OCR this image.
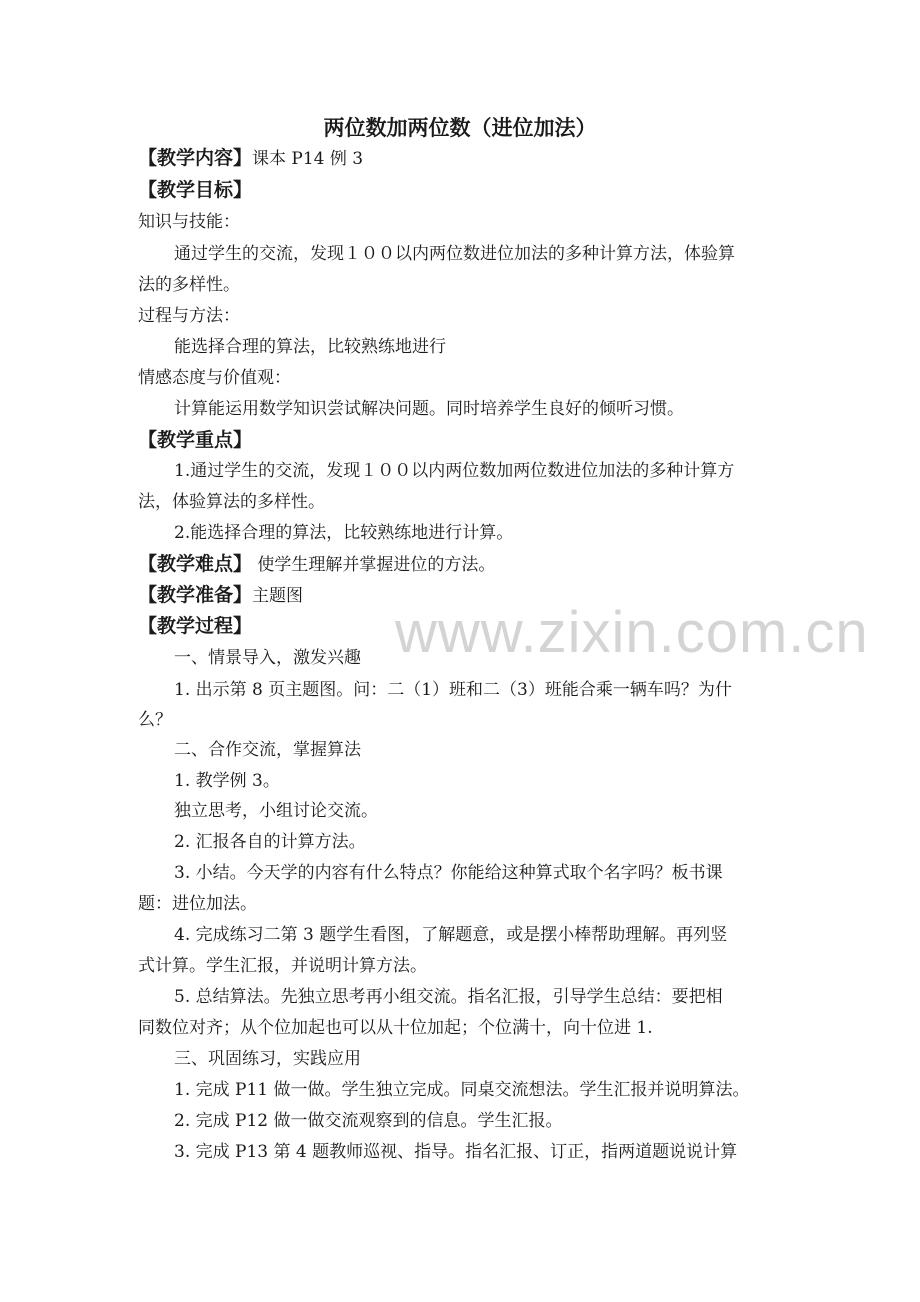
两位数加两位数（进位加法）
【教学内容】课本 P14 例 3
【教学目标】
知识与技能：
通过学生的交流，发现１００以内两位数进位加法的多种计算方法，体验算
法的多样性。
过程与方法：
能选择合理的算法，比较熟练地进行
情感态度与价值观：
计算能运用数学知识尝试解决问题。同时培养学生良好的倾听习惯。
【教学重点】
1.通过学生的交流，发现１００以内两位数加两位数进位加法的多种计算方
法，体验算法的多样性。
2.能选择合理的算法，比较熟练地进行计算。
【教学难点】 使学生理解并掌握进位的方法。
【教学准备】主题图
【教学过程】
一、情景导入，激发兴趣
1. 出示第 8 页主题图。问：二（1）班和二（3）班能合乘一辆车吗？为什
么？
二、合作交流，掌握算法
1. 教学例 3。
独立思考，小组讨论交流。
2. 汇报各自的计算方法。
3. 小结。今天学的内容有什么特点？你能给这种算式取个名字吗？板书课
题：进位加法。
4. 完成练习二第 3 题学生看图，了解题意，或是摆小棒帮助理解。再列竖
式计算。学生汇报，并说明计算方法。
5. 总结算法。先独立思考再小组交流。指名汇报，引导学生总结：要把相
同数位对齐；从个位加起也可以从十位加起；个位满十，向十位进 1.
三、巩固练习，实践应用
1. 完成 P11 做一做。学生独立完成。同桌交流想法。学生汇报并说明算法。
2. 完成 P12 做一做交流观察到的信息。学生汇报。
3. 完成 P13 第 4 题教师巡视、指导。指名汇报、订正，指两道题说说计算
www.zixin.com.cn
